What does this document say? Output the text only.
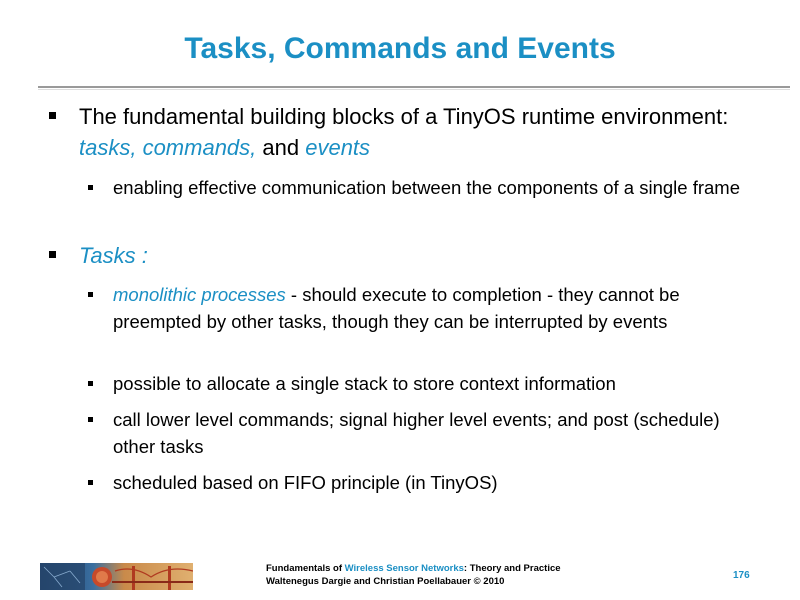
Tasks, Commands and Events
The fundamental building blocks of a TinyOS runtime environment: tasks, commands, and events
enabling effective communication between the components of a single frame
Tasks :
monolithic processes - should execute to completion - they cannot be preempted by other tasks, though they can be interrupted by events
possible to allocate a single stack to store context information
call lower level commands; signal higher level events; and post (schedule) other tasks
scheduled based on FIFO principle (in TinyOS)
Fundamentals of Wireless Sensor Networks: Theory and Practice
Waltenegus Dargie and Christian Poellabauer © 2010
176
